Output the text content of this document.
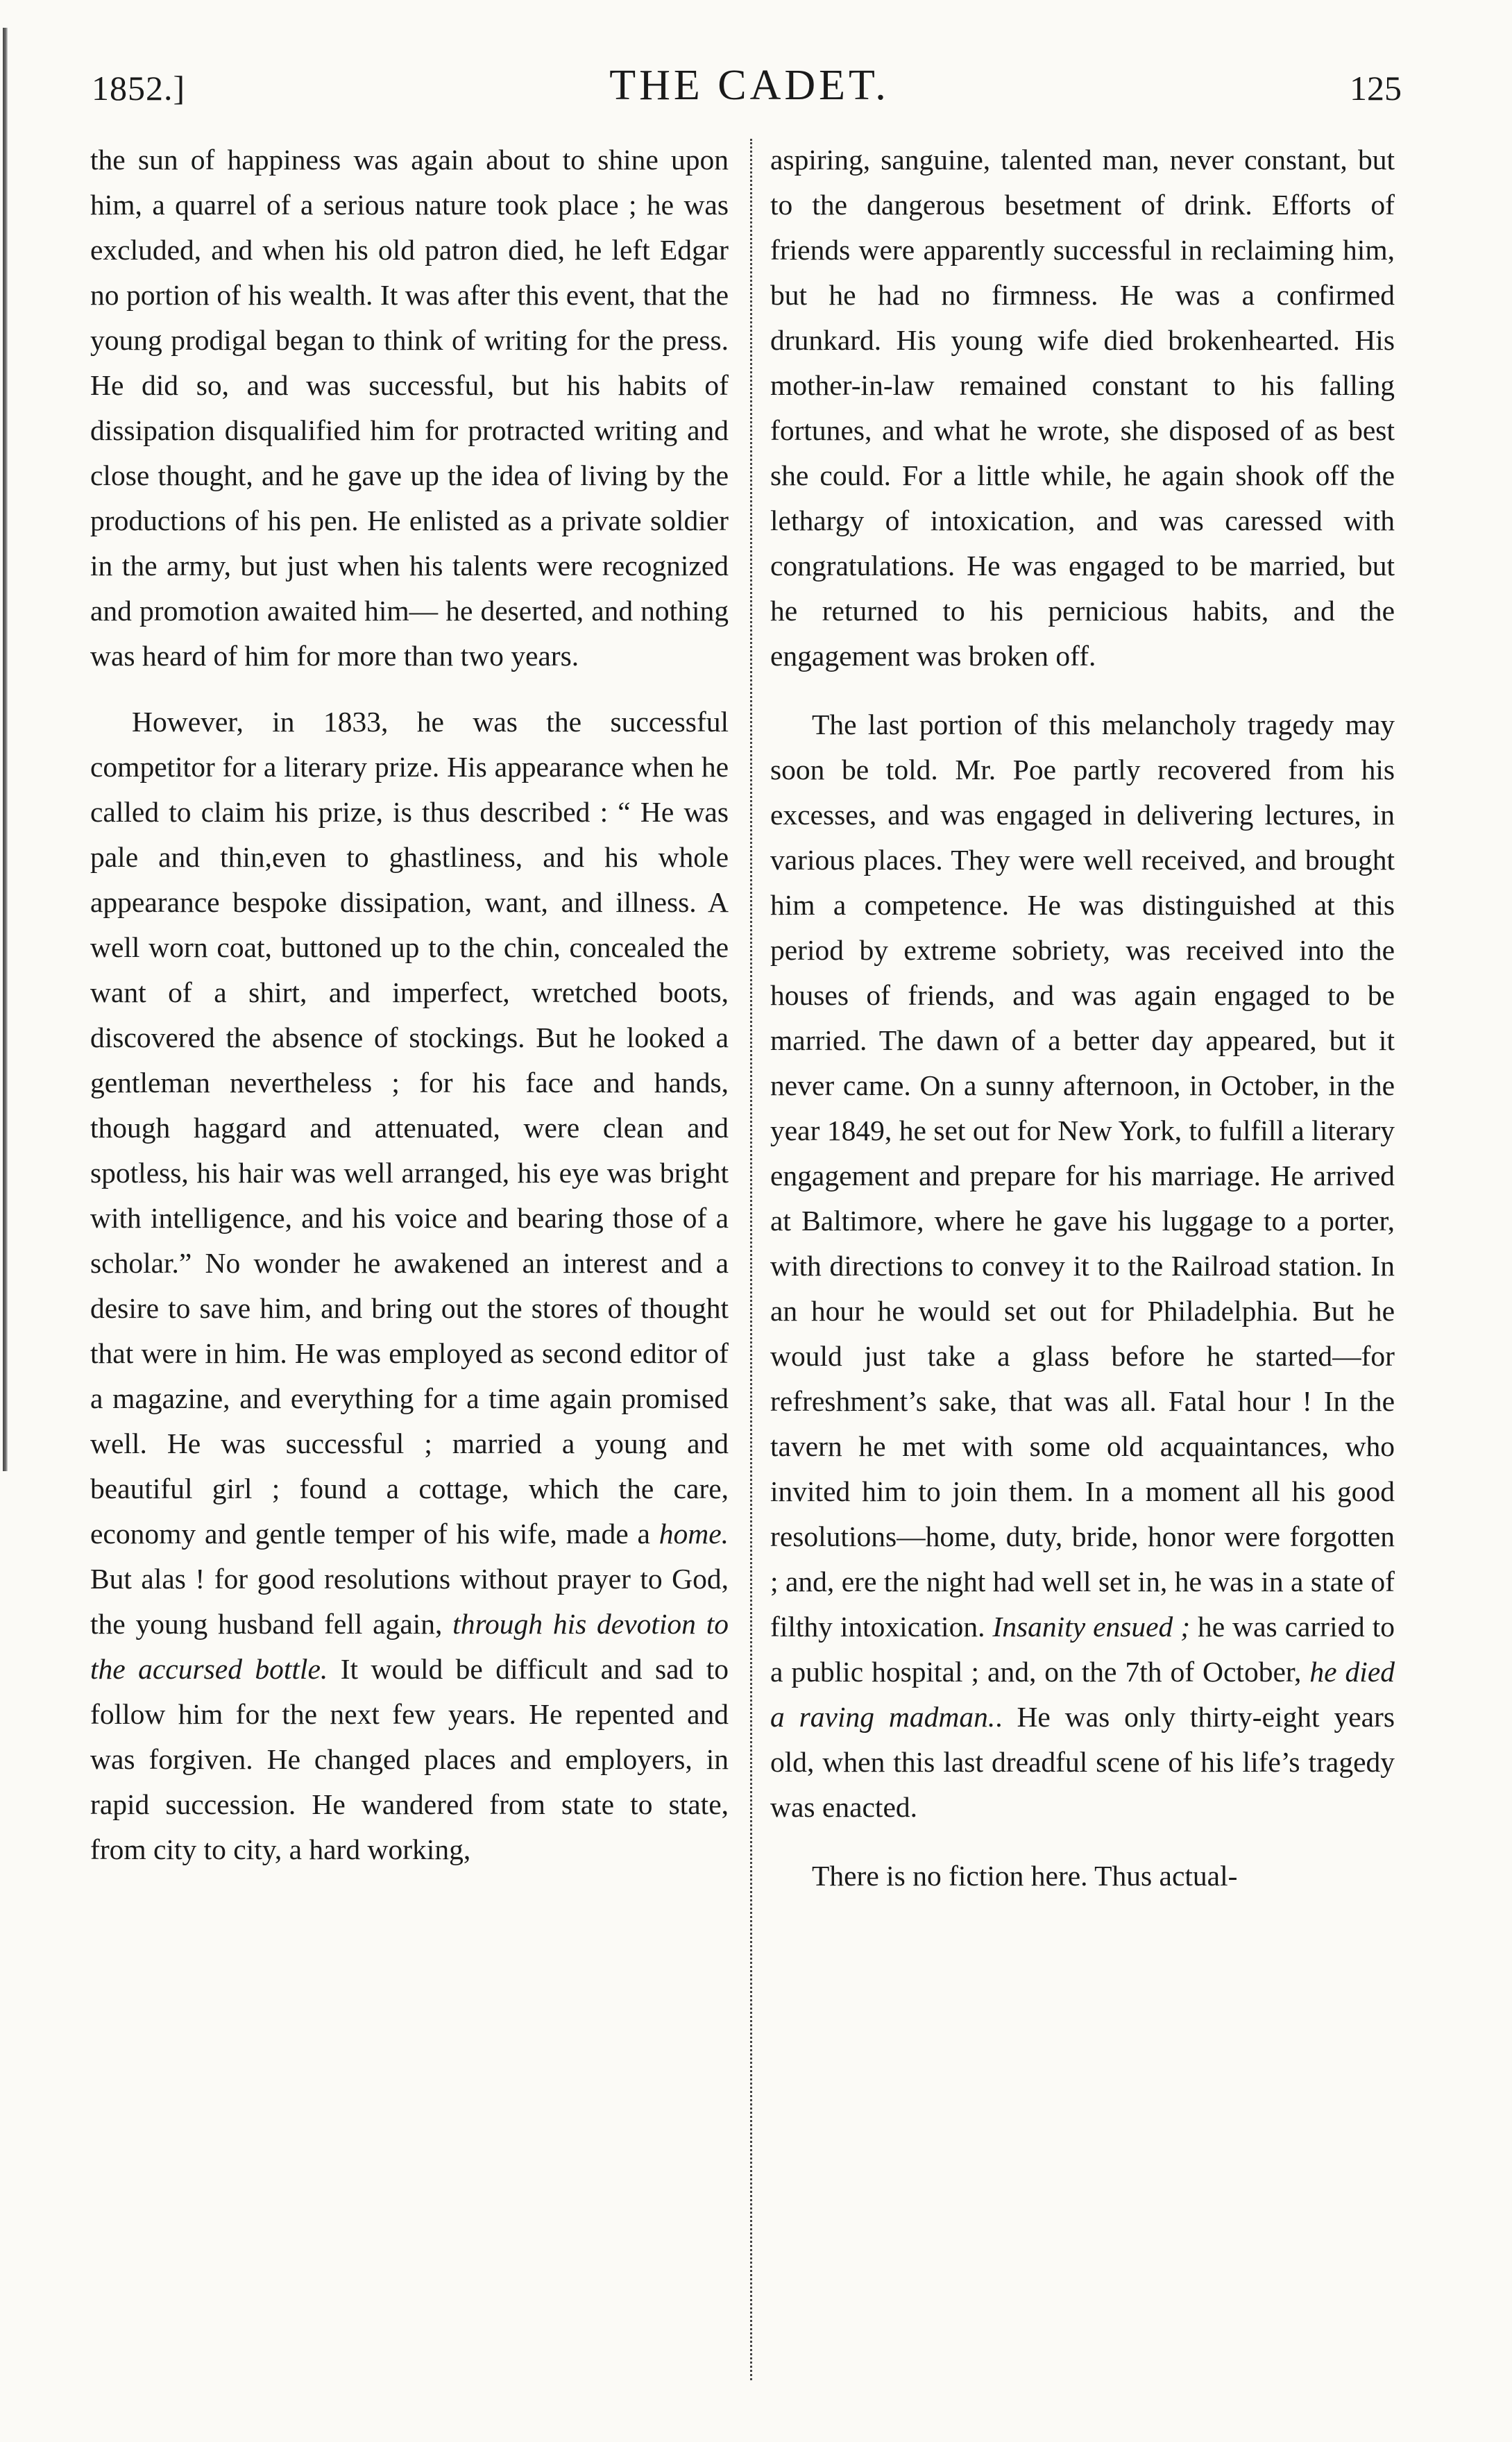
1852.]	THE CADET.	125

the sun of happiness was again about to shine upon him, a quarrel of a serious nature took place ; he was excluded, and when his old patron died, he left Edgar no portion of his wealth. It was after this event, that the young prodigal began to think of writing for the press. He did so, and was successful, but his habits of dissipation disqualified him for protracted writing and close thought, and he gave up the idea of living by the productions of his pen. He enlisted as a private soldier in the army, but just when his talents were recognized and promotion awaited him— he deserted, and nothing was heard of him for more than two years.

However, in 1833, he was the successful competitor for a literary prize. His appearance when he called to claim his prize, is thus described : “ He was pale and thin,even to ghastliness, and his whole appearance bespoke dissipation, want, and illness. A well worn coat, buttoned up to the chin, concealed the want of a shirt, and imperfect, wretched boots, discovered the absence of stockings. But he looked a gentleman nevertheless ; for his face and hands, though haggard and attenuated, were clean and spotless, his hair was well arranged, his eye was bright with intelligence, and his voice and bearing those of a scholar.” No wonder he awakened an interest and a desire to save him, and bring out the stores of thought that were in him. He was employed as second editor of a magazine, and everything for a time again promised well. He was successful ; married a young and beautiful girl ; found a cottage, which the care, economy and gentle temper of his wife, made a home. But alas ! for good resolutions without prayer to God, the young husband fell again, through his devotion to the accursed bottle. It would be difficult and sad to follow him for the next few years. He repented and was forgiven. He changed places and employers, in rapid succession. He wandered from state to state, from city to city, a hard working,

aspiring, sanguine, talented man, never constant, but to the dangerous besetment of drink. Efforts of friends were apparently successful in reclaiming him, but he had no firmness. He was a confirmed drunkard. His young wife died brokenhearted. His mother-in-law remained constant to his falling fortunes, and what he wrote, she disposed of as best she could. For a little while, he again shook off the lethargy of intoxication, and was caressed with congratulations. He was engaged to be married, but he returned to his pernicious habits, and the engagement was broken off.

The last portion of this melancholy tragedy may soon be told. Mr. Poe partly recovered from his excesses, and was engaged in delivering lectures, in various places. They were well received, and brought him a competence. He was distinguished at this period by extreme sobriety, was received into the houses of friends, and was again engaged to be married. The dawn of a better day appeared, but it never came. On a sunny afternoon, in October, in the year 1849, he set out for New York, to fulfill a literary engagement and prepare for his marriage. He arrived at Baltimore, where he gave his luggage to a porter, with directions to convey it to the Railroad station. In an hour he would set out for Philadelphia. But he would just take a glass before he started—for refreshment’s sake, that was all. Fatal hour ! In the tavern he met with some old acquaintances, who invited him to join them. In a moment all his good resolutions—home, duty, bride, honor were forgotten ; and, ere the night had well set in, he was in a state of filthy intoxication. Insanity ensued ; he was carried to a public hospital ; and, on the 7th of October, he died a raving madman.. He was only thirty-eight years old, when this last dreadful scene of his life’s tragedy was enacted.

There is no fiction here. Thus actual-
